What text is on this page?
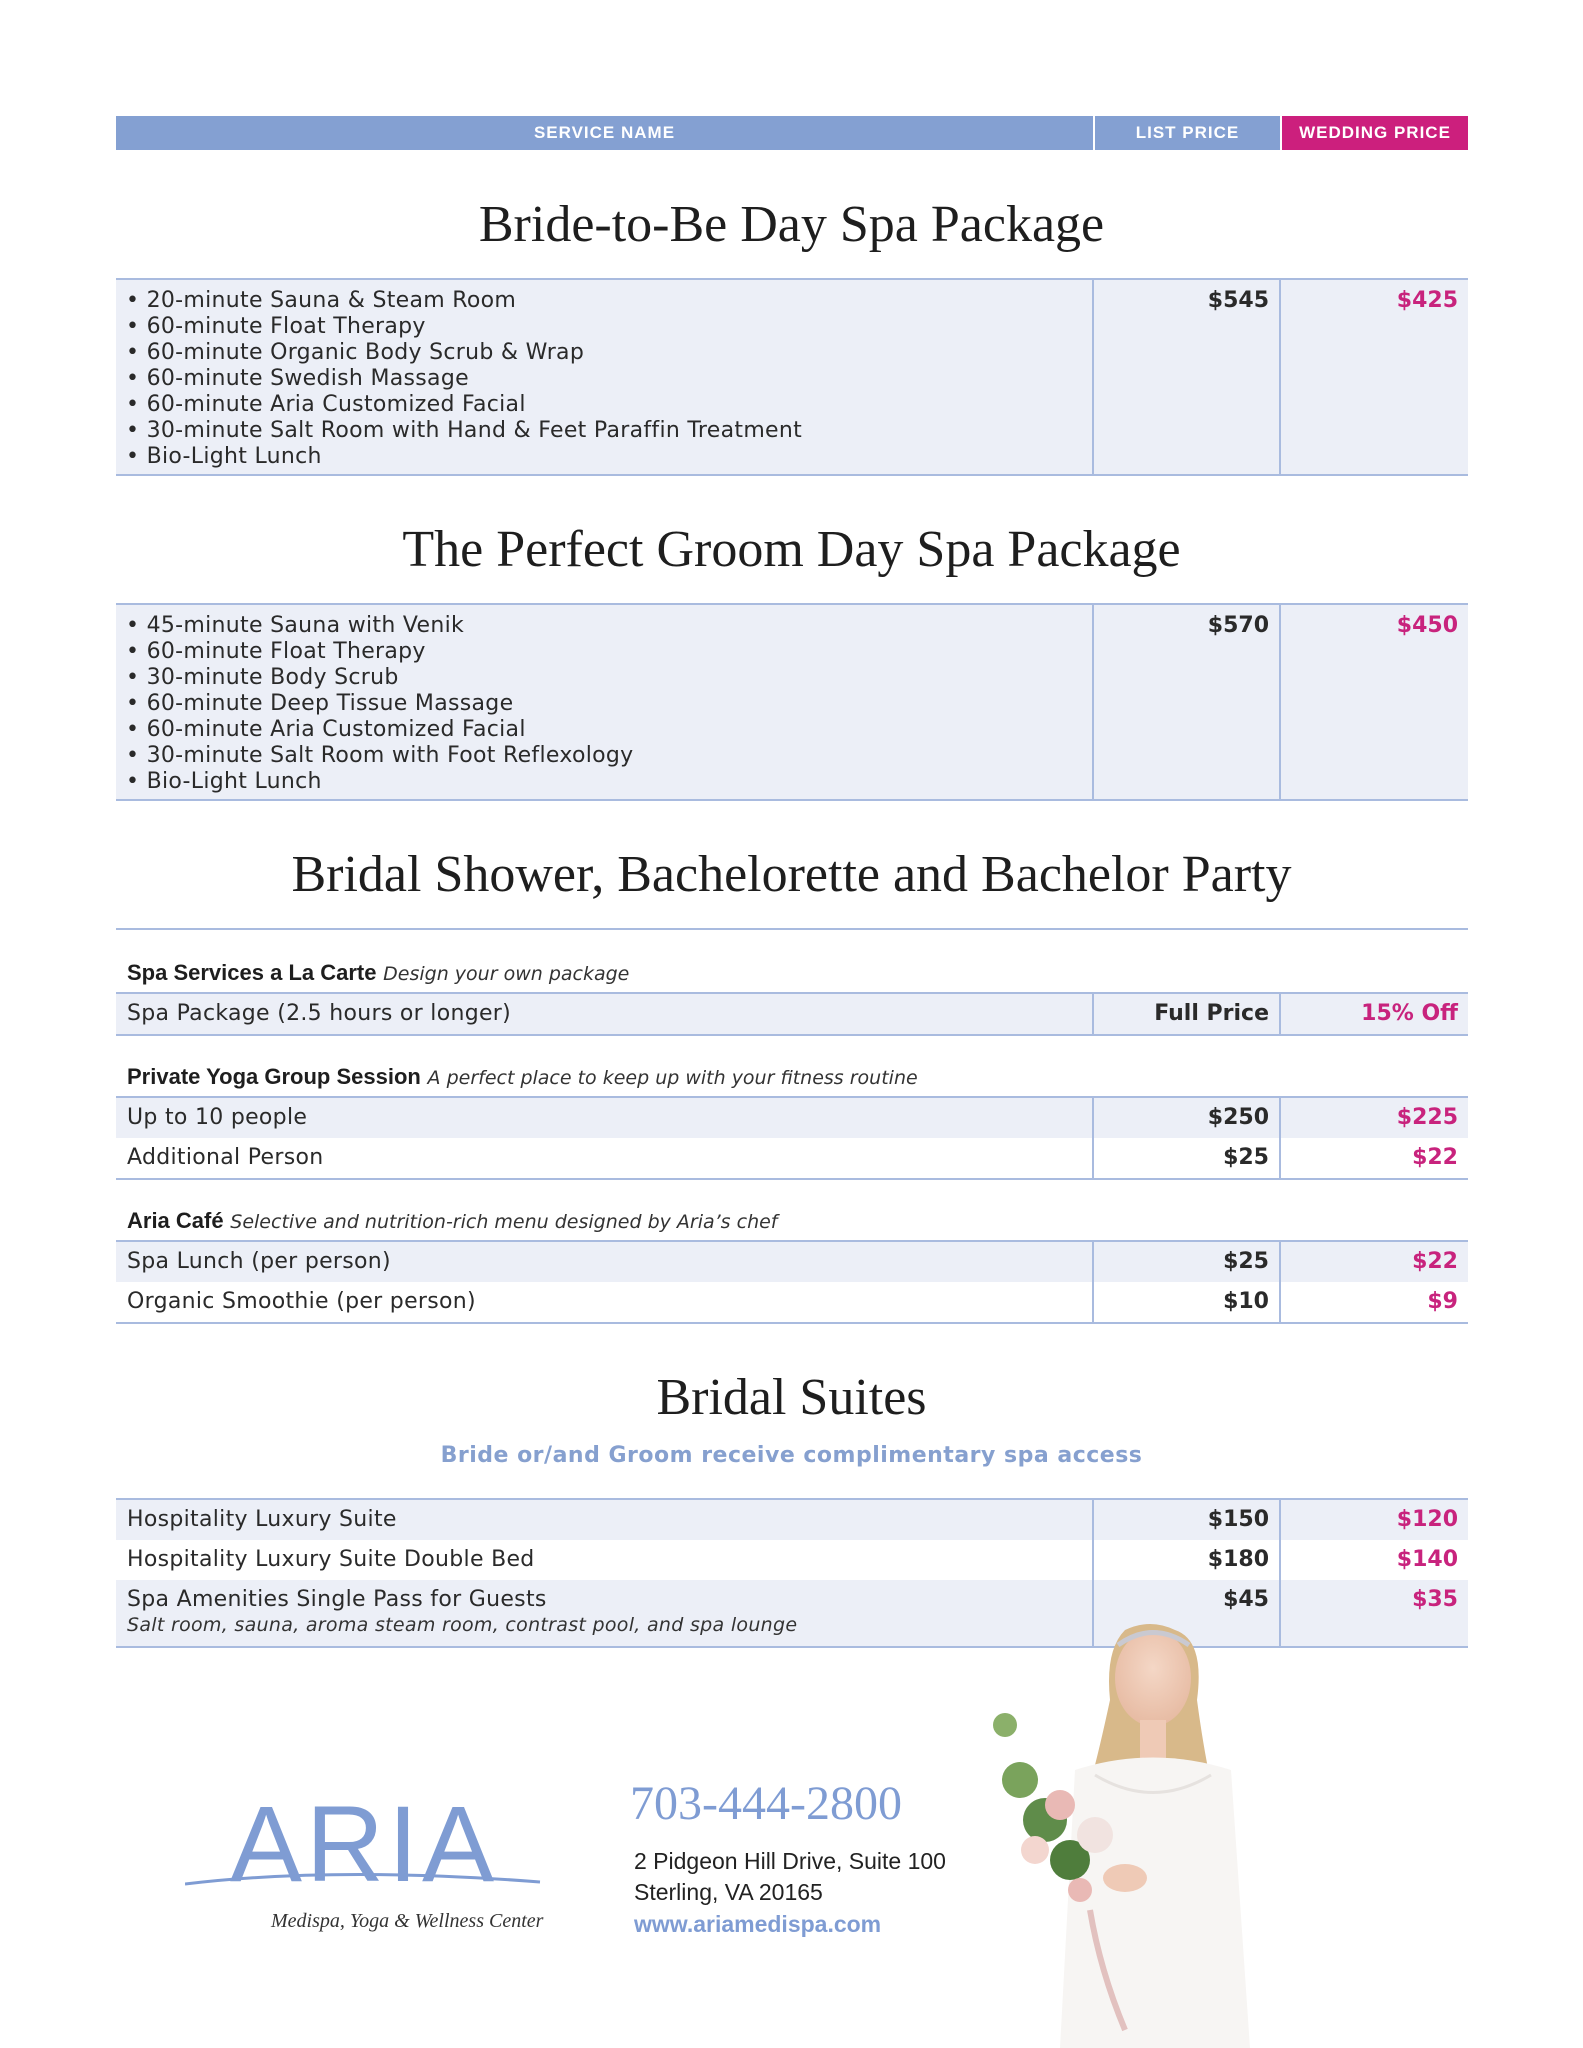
SERVICE NAME	LIST PRICE	WEDDING PRICE
Bride-to-Be Day Spa Package
• 20-minute Sauna & Steam Room
• 60-minute Float Therapy
• 60-minute Organic Body Scrub & Wrap
• 60-minute Swedish Massage
• 60-minute Aria Customized Facial
• 30-minute Salt Room with Hand & Feet Paraffin Treatment
• Bio-Light Lunch
$545	$425
The Perfect Groom Day Spa Package
• 45-minute Sauna with Venik
• 60-minute Float Therapy
• 30-minute Body Scrub
• 60-minute Deep Tissue Massage
• 60-minute Aria Customized Facial
• 30-minute Salt Room with Foot Reflexology
• Bio-Light Lunch
$570	$450
Bridal Shower, Bachelorette and Bachelor Party
Spa Services a La Carte Design your own package
Spa Package (2.5 hours or longer)	Full Price	15% Off
Private Yoga Group Session A perfect place to keep up with your fitness routine
Up to 10 people	$250	$225
Additional Person	$25	$22
Aria Café Selective and nutrition-rich menu designed by Aria’s chef
Spa Lunch (per person)	$25	$22
Organic Smoothie (per person)	$10	$9
Bridal Suites
Bride or/and Groom receive complimentary spa access
Hospitality Luxury Suite	$150	$120
Hospitality Luxury Suite Double Bed	$180	$140
Spa Amenities Single Pass for Guests
Salt room, sauna, aroma steam room, contrast pool, and spa lounge
$45	$35
ARIA
Medispa, Yoga & Wellness Center
703-444-2800
2 Pidgeon Hill Drive, Suite 100
Sterling, VA 20165
www.ariamedispa.com
